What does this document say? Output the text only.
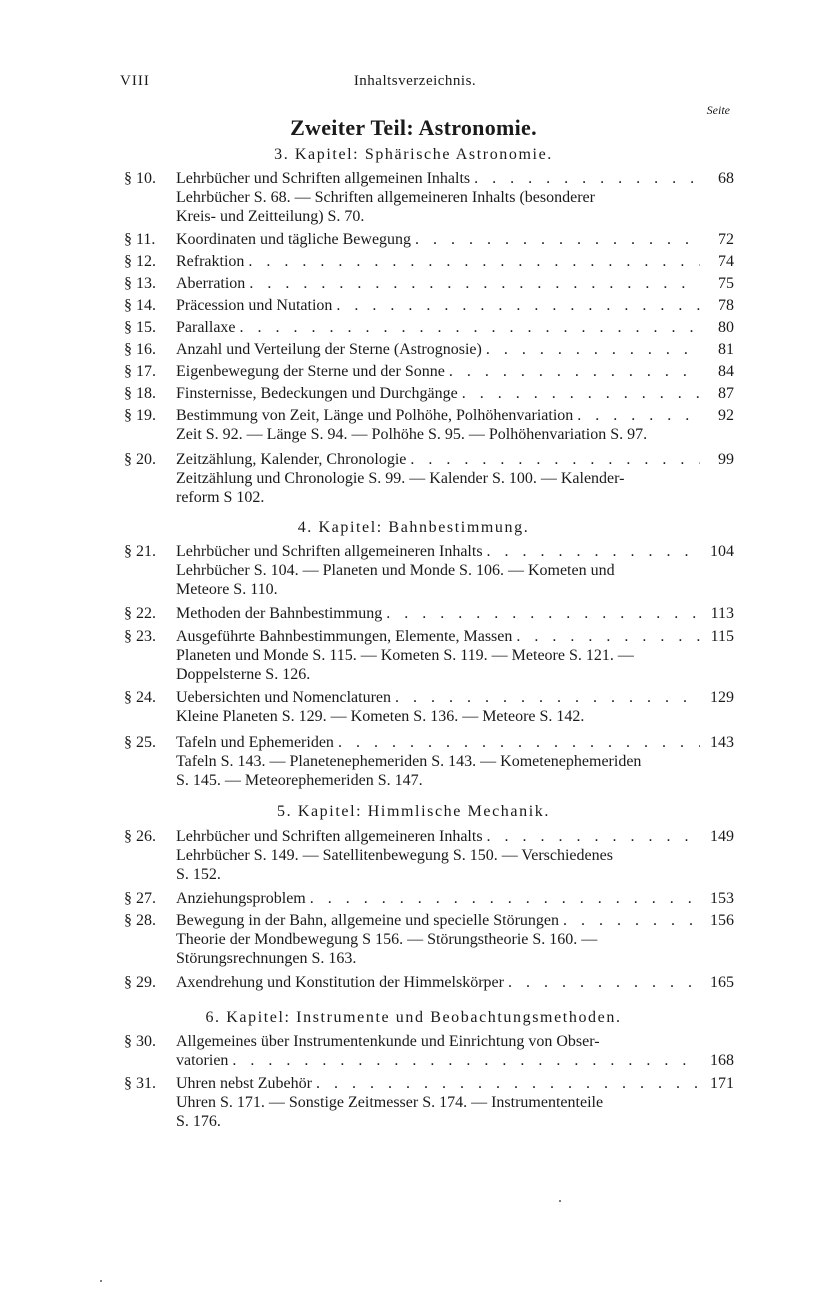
VIII	Inhaltsverzeichnis.
Seite
Zweiter Teil: Astronomie.
3. Kapitel: Sphärische Astronomie.
§ 10.	Lehrbücher und Schriften allgemeinen Inhalts . . .	68
Lehrbücher S. 68. — Schriften allgemeineren Inhalts (besonderer
Kreis- und Zeitteilung) S. 70.
§ 11.	Koordinaten und tägliche Bewegung . . .	72
§ 12.	Refraktion . . .	74
§ 13.	Aberration . . .	75
§ 14.	Präcession und Nutation . . .	78
§ 15.	Parallaxe . . .	80
§ 16.	Anzahl und Verteilung der Sterne (Astrognosie) . . .	81
§ 17.	Eigenbewegung der Sterne und der Sonne . . .	84
§ 18.	Finsternisse, Bedeckungen und Durchgänge . . .	87
§ 19.	Bestimmung von Zeit, Länge und Polhöhe, Polhöhenvariation . . .	92
Zeit S. 92. — Länge S. 94. — Polhöhe S. 95. — Polhöhenvariation S. 97.
§ 20.	Zeitzählung, Kalender, Chronologie . . .	99
Zeitzählung und Chronologie S. 99. — Kalender S. 100. — Kalender-
reform S 102.
4. Kapitel: Bahnbestimmung.
§ 21.	Lehrbücher und Schriften allgemeineren Inhalts . . .	104
Lehrbücher S. 104. — Planeten und Monde S. 106. — Kometen und
Meteore S. 110.
§ 22.	Methoden der Bahnbestimmung . . .	113
§ 23.	Ausgeführte Bahnbestimmungen, Elemente, Massen . . .	115
Planeten und Monde S. 115. — Kometen S. 119. — Meteore S. 121. —
Doppelsterne S. 126.
§ 24.	Uebersichten und Nomenclaturen . . .	129
Kleine Planeten S. 129. — Kometen S. 136. — Meteore S. 142.
§ 25.	Tafeln und Ephemeriden . . .	143
Tafeln S. 143. — Planetenephemeriden S. 143. — Kometenephemeriden
S. 145. — Meteorephemeriden S. 147.
5. Kapitel: Himmlische Mechanik.
§ 26.	Lehrbücher und Schriften allgemeineren Inhalts . . .	149
Lehrbücher S. 149. — Satellitenbewegung S. 150. — Verschiedenes
S. 152.
§ 27.	Anziehungsproblem . . .	153
§ 28.	Bewegung in der Bahn, allgemeine und specielle Störungen . . .	156
Theorie der Mondbewegung S 156. — Störungstheorie S. 160. —
Störungsrechnungen S. 163.
§ 29.	Axendrehung und Konstitution der Himmelskörper . . .	165
6. Kapitel: Instrumente und Beobachtungsmethoden.
§ 30.	Allgemeines über Instrumentenkunde und Einrichtung von Obser-
vatorien . . .	168
§ 31.	Uhren nebst Zubehör . . .	171
Uhren S. 171. — Sonstige Zeitmesser S. 174. — Instrumententeile
S. 176.
